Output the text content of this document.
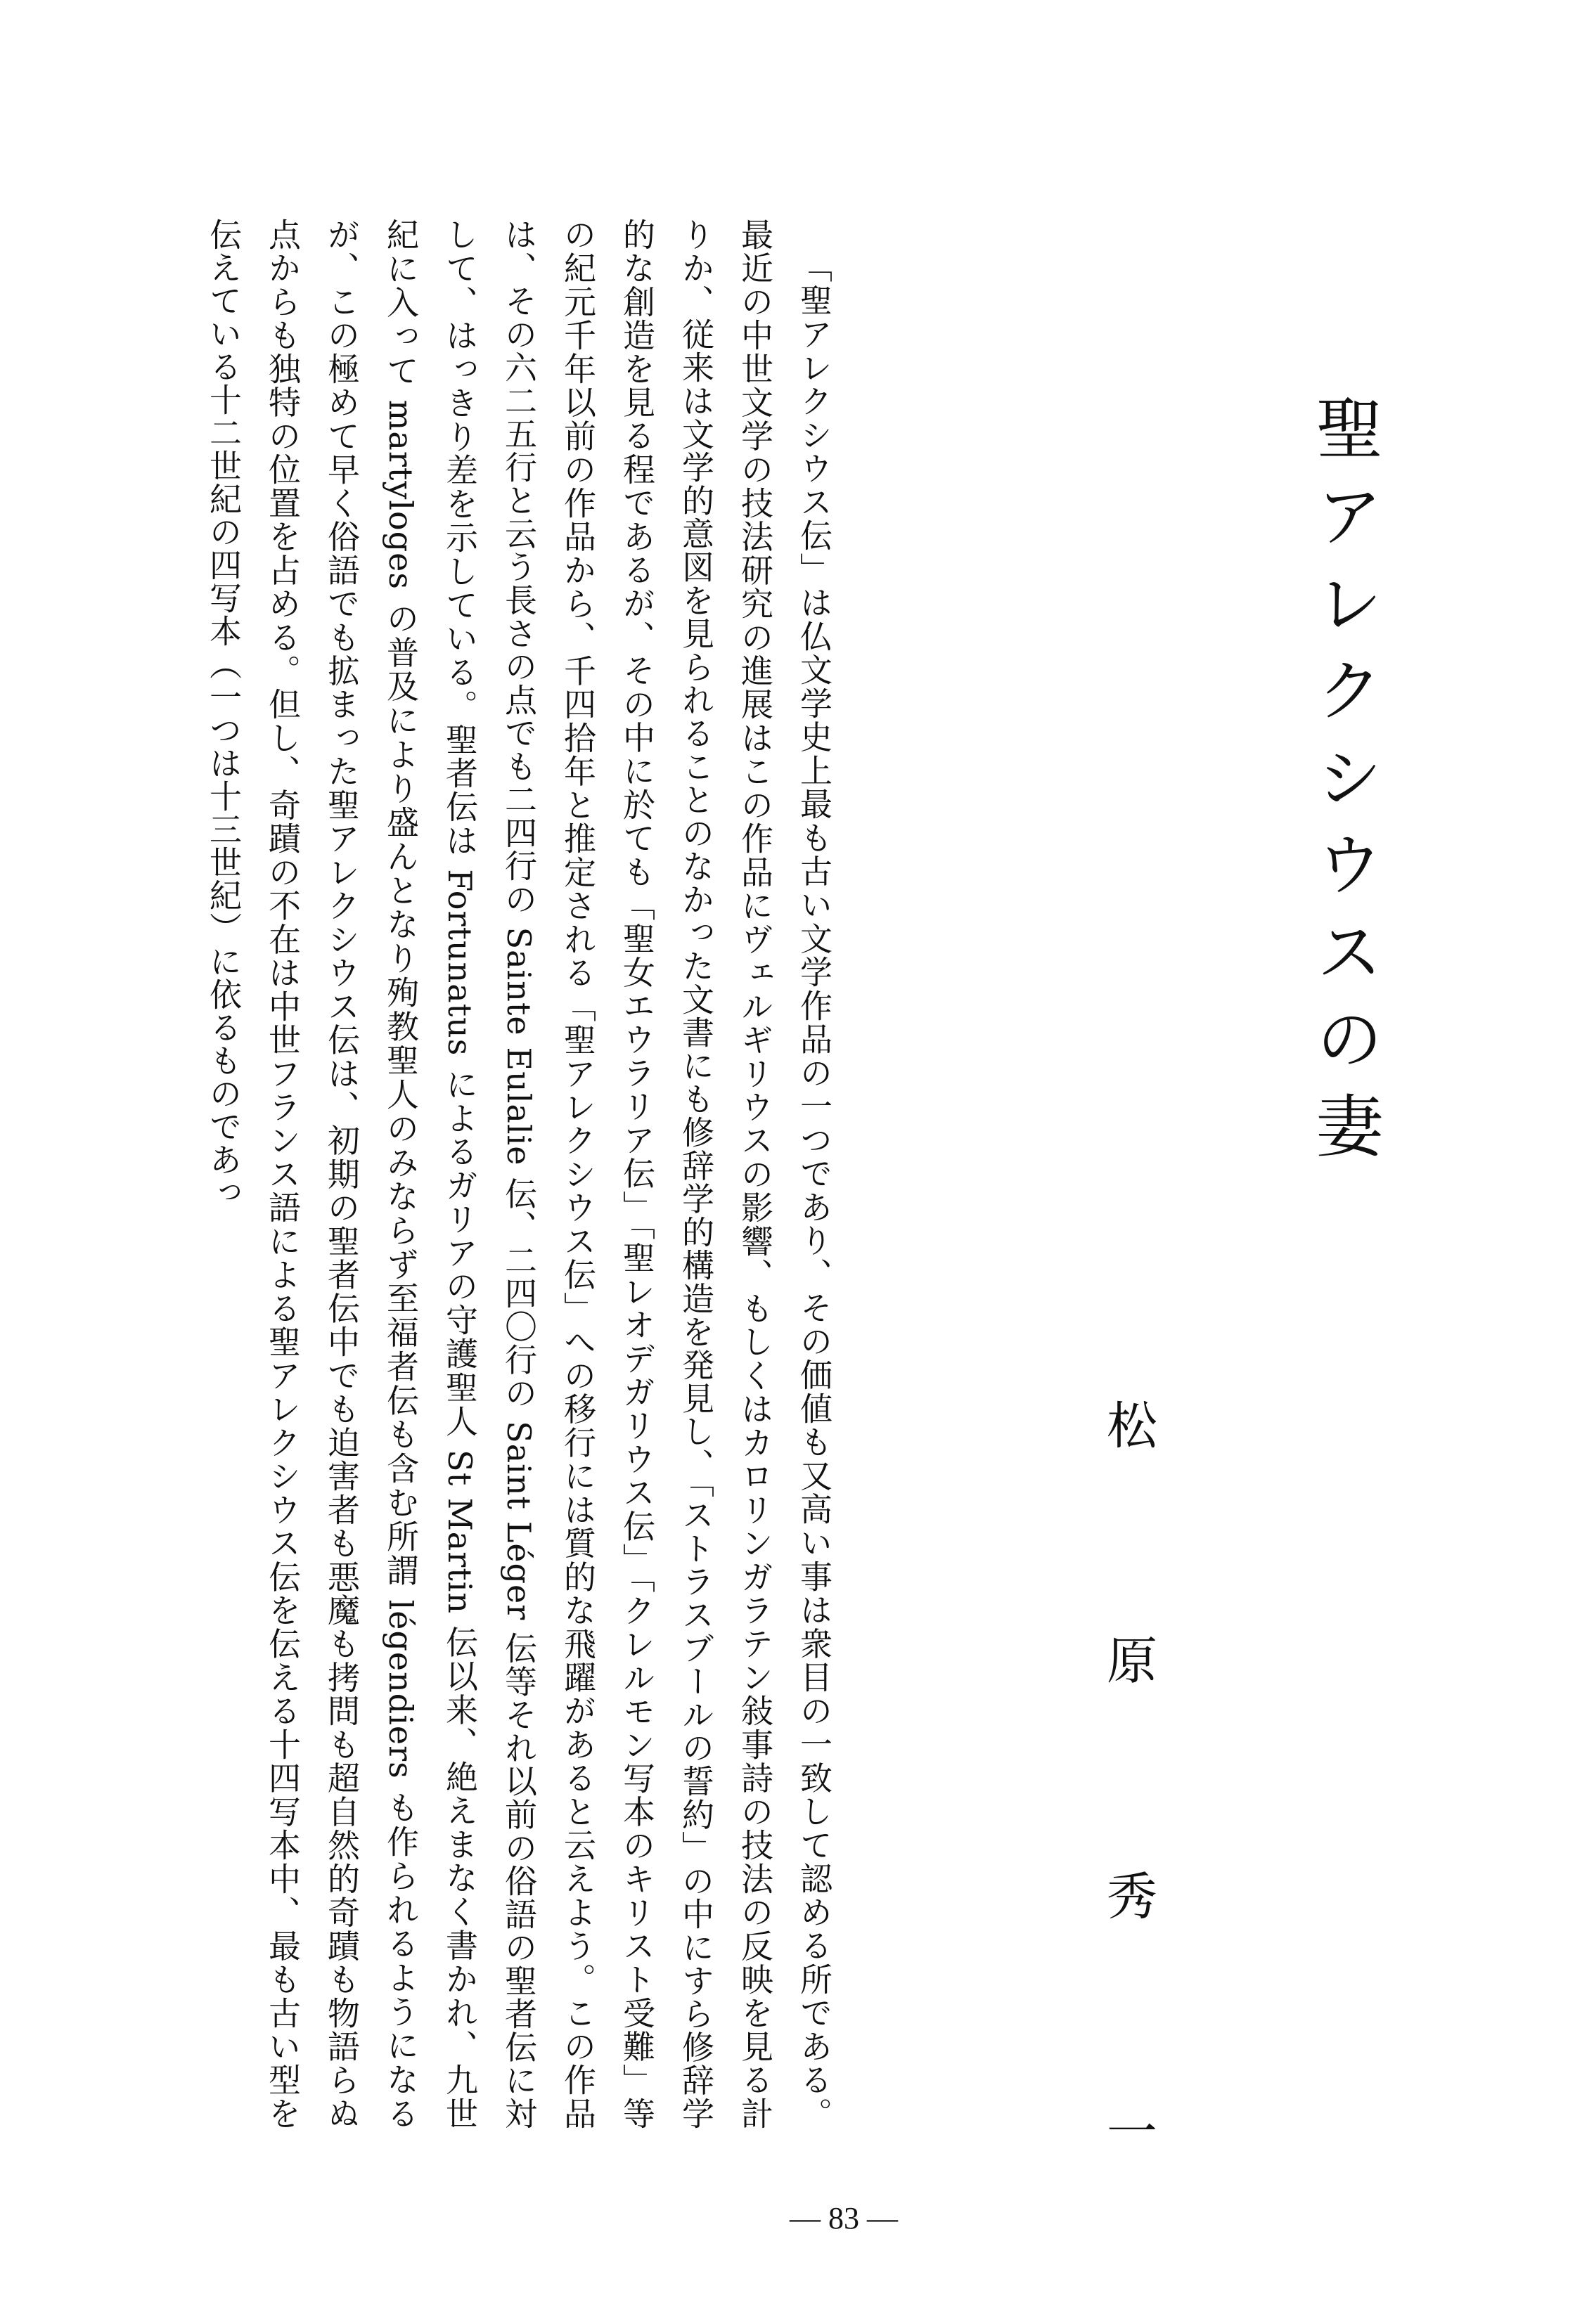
聖アレクシウスの妻
松 原 秀 一

「聖アレクシウス伝」は仏文学史上最も古い文学作品の一つであり、その価値も又高い事は衆目の一致して認める所である。最近の中世文学の技法研究の進展はこの作品にヴェルギリウスの影響、もしくはカロリンガラテン敍事詩の技法の反映を見る計りか、従来は文学的意図を見られることのなかった文書にも修辞学的構造を発見し、「ストラスブールの誓約」の中にすら修辞学的な創造を見る程であるが、その中に於ても「聖女エウラリア伝」「聖レオデガリウス伝」「クレルモン写本のキリスト受難」等の紀元千年以前の作品から、千四拾年と推定される「聖アレクシウス伝」への移行には質的な飛躍があると云えよう。この作品は、その六二五行と云う長さの点でも二四行の Sainte Eulalie 伝、二四〇行の Saint Léger 伝等それ以前の俗語の聖者伝に対して、はっきり差を示している。聖者伝は Fortunatus によるガリアの守護聖人 St Martin 伝以来、絶えまなく書かれ、九世紀に入って martyloges の普及により盛んとなり殉教聖人のみならず至福者伝も含む所謂 légendiers も作られるようになるが、この極めて早く俗語でも拡まった聖アレクシウス伝は、初期の聖者伝中でも迫害者も悪魔も拷問も超自然的奇蹟も物語らぬ点からも独特の位置を占める。但し、奇蹟の不在は中世フランス語による聖アレクシウス伝を伝える十四写本中、最も古い型を伝えている十二世紀の四写本（一つは十三世紀）に依るものであっ

— 83 —
